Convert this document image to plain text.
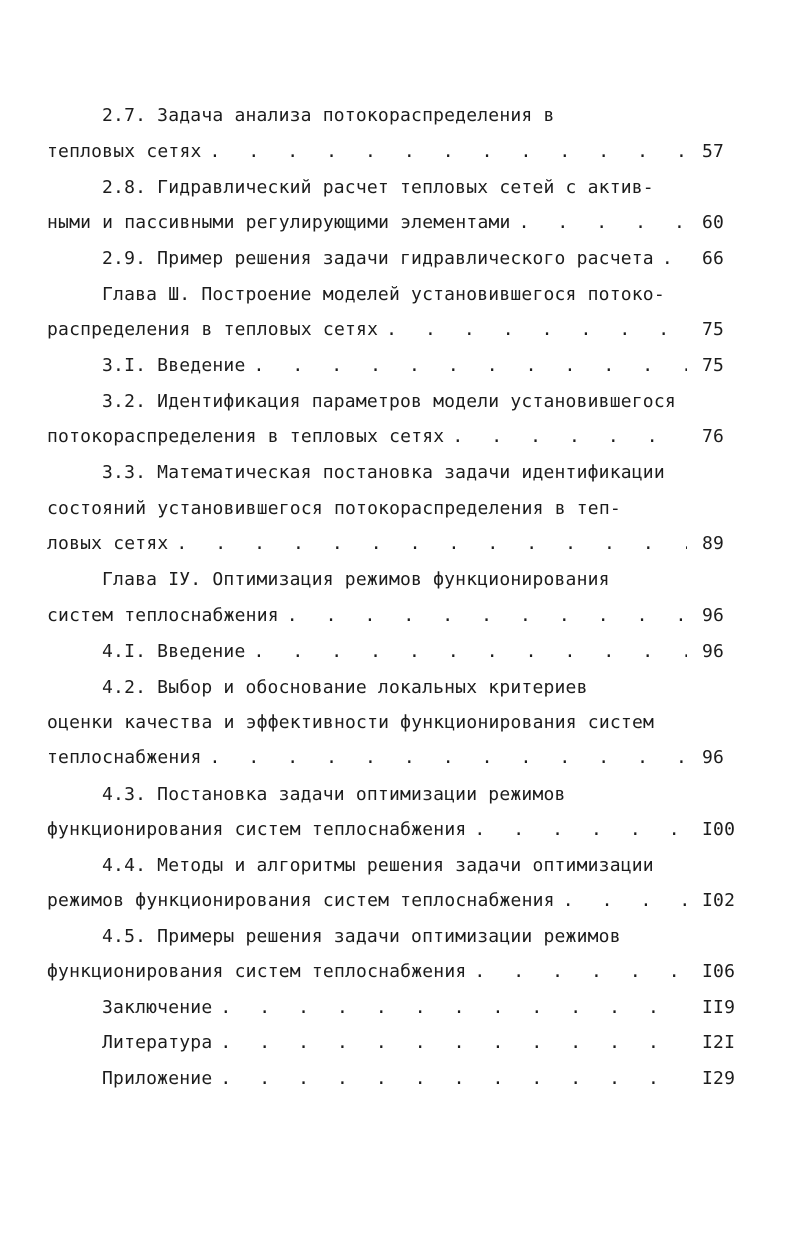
2.7. Задача анализа потокораспределения в
тепловых сетях . . .	57
2.8. Гидравлический расчет тепловых сетей с актив-
ными и пассивными регулирующими элементами . . .	60
2.9. Пример решения задачи гидравлического расчета . . .	66
Глава Ш. Построение моделей установившегося потоко-
распределения в тепловых сетях . . .	75
3.I. Введение . . .	75
3.2. Идентификация параметров модели установившегося
потокораспределения в тепловых сетях . . .	76
3.3. Математическая постановка задачи идентификации
состояний установившегося потокораспределения в теп-
ловых сетях . . .	89
Глава IУ. Оптимизация режимов функционирования
систем теплоснабжения . . .	96
4.I. Введение . . .	96
4.2. Выбор и обоснование локальных критериев
оценки качества и эффективности функционирования систем
теплоснабжения . . .	96
4.3. Постановка задачи оптимизации режимов
функционирования систем теплоснабжения . . .	I00
4.4. Методы и алгоритмы решения задачи оптимизации
режимов функционирования систем теплоснабжения . . .	I02
4.5. Примеры решения задачи оптимизации режимов
функционирования систем теплоснабжения . . .	I06
Заключение . . .	II9
Литература . . .	I2I
Приложение . . .	I29
